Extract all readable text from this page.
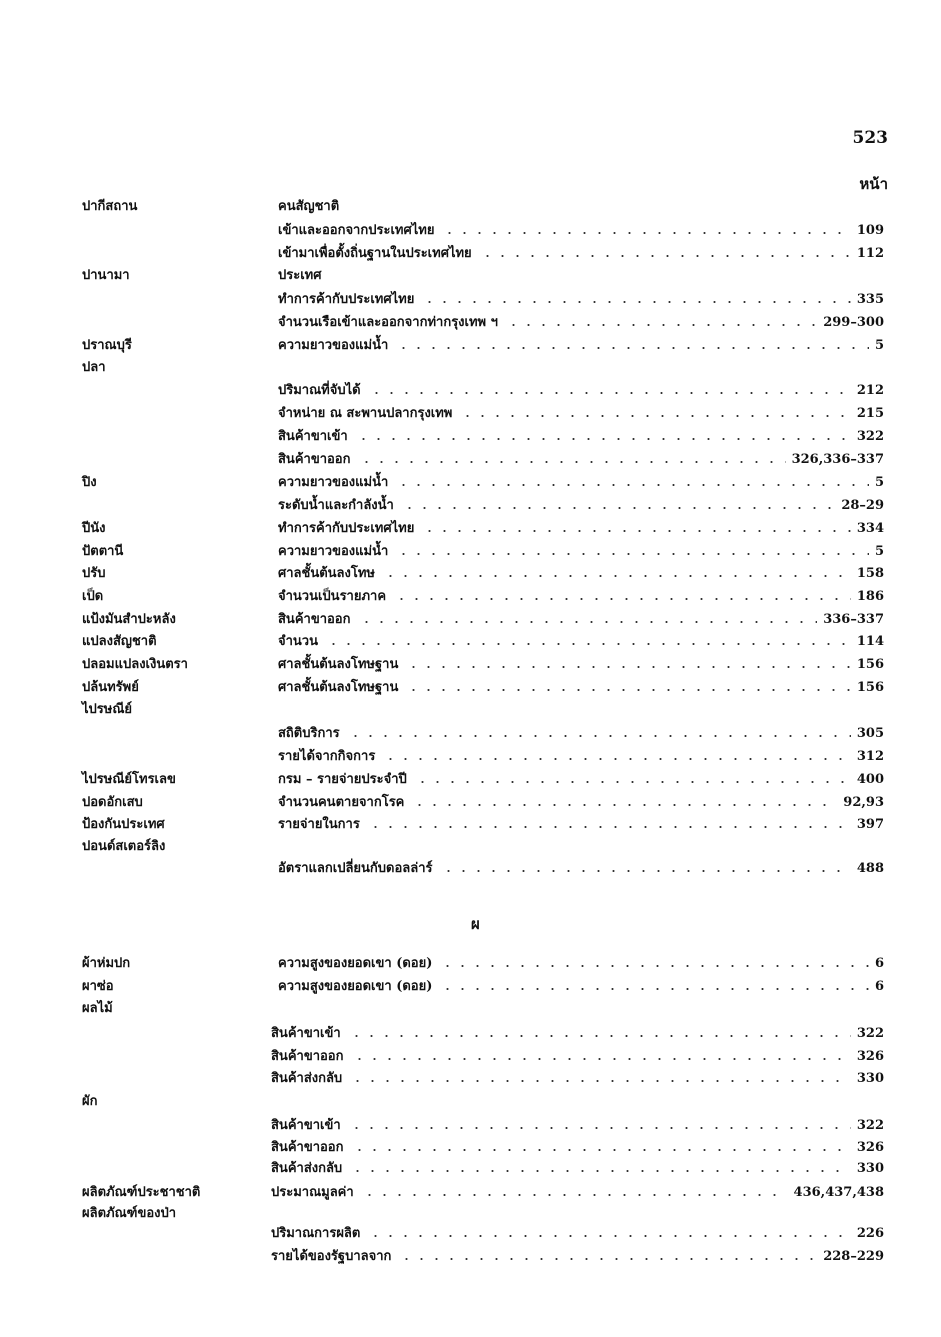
523
หน้า
ผ
ปากีสถาน	คนสัญชาติ
เข้าและออกจากประเทศไทย	109
เข้ามาเพื่อตั้งถิ่นฐานในประเทศไทย	112
ปานามา	ประเทศ
ทำการค้ากับประเทศไทย	335
จำนวนเรือเข้าและออกจากท่ากรุงเทพ ฯ	299–300
ปราณบุรี	ความยาวของแม่น้ำ	5
ปลา
ปริมาณที่จับได้	212
จำหน่าย ณ สะพานปลากรุงเทพ	215
สินค้าขาเข้า	322
สินค้าขาออก	326,336–337
ปิง	ความยาวของแม่น้ำ	5
ระดับน้ำและกำลังน้ำ	28–29
ปีนัง	ทำการค้ากับประเทศไทย	334
ปัตตานี	ความยาวของแม่น้ำ	5
ปรับ	ศาลชั้นต้นลงโทษ	158
เป็ด	จำนวนเป็นรายภาค	186
แป้งมันสำปะหลัง	สินค้าขาออก	336–337
แปลงสัญชาติ	จำนวน	114
ปลอมแปลงเงินตรา	ศาลชั้นต้นลงโทษฐาน	156
ปล้นทรัพย์	ศาลชั้นต้นลงโทษฐาน	156
ไปรษณีย์
สถิติบริการ	305
รายได้จากกิจการ	312
ไปรษณีย์โทรเลข	กรม – รายจ่ายประจำปี	400
ปอดอักเสบ	จำนวนคนตายจากโรค	92,93
ป้องกันประเทศ	รายจ่ายในการ	397
ปอนด์สเตอร์ลิง
อัตราแลกเปลี่ยนกับดอลล่าร์	488
ผ้าห่มปก	ความสูงของยอดเขา (ดอย)	6
ผาซ่อ	ความสูงของยอดเขา (ดอย)	6
ผลไม้
สินค้าขาเข้า	322
สินค้าขาออก	326
สินค้าส่งกลับ	330
ผัก
สินค้าขาเข้า	322
สินค้าขาออก	326
สินค้าส่งกลับ	330
ผลิตภัณฑ์ประชาชาติ	ประมาณมูลค่า	436,437,438
ผลิตภัณฑ์ของป่า
ปริมาณการผลิต	226
รายได้ของรัฐบาลจาก	228–229
